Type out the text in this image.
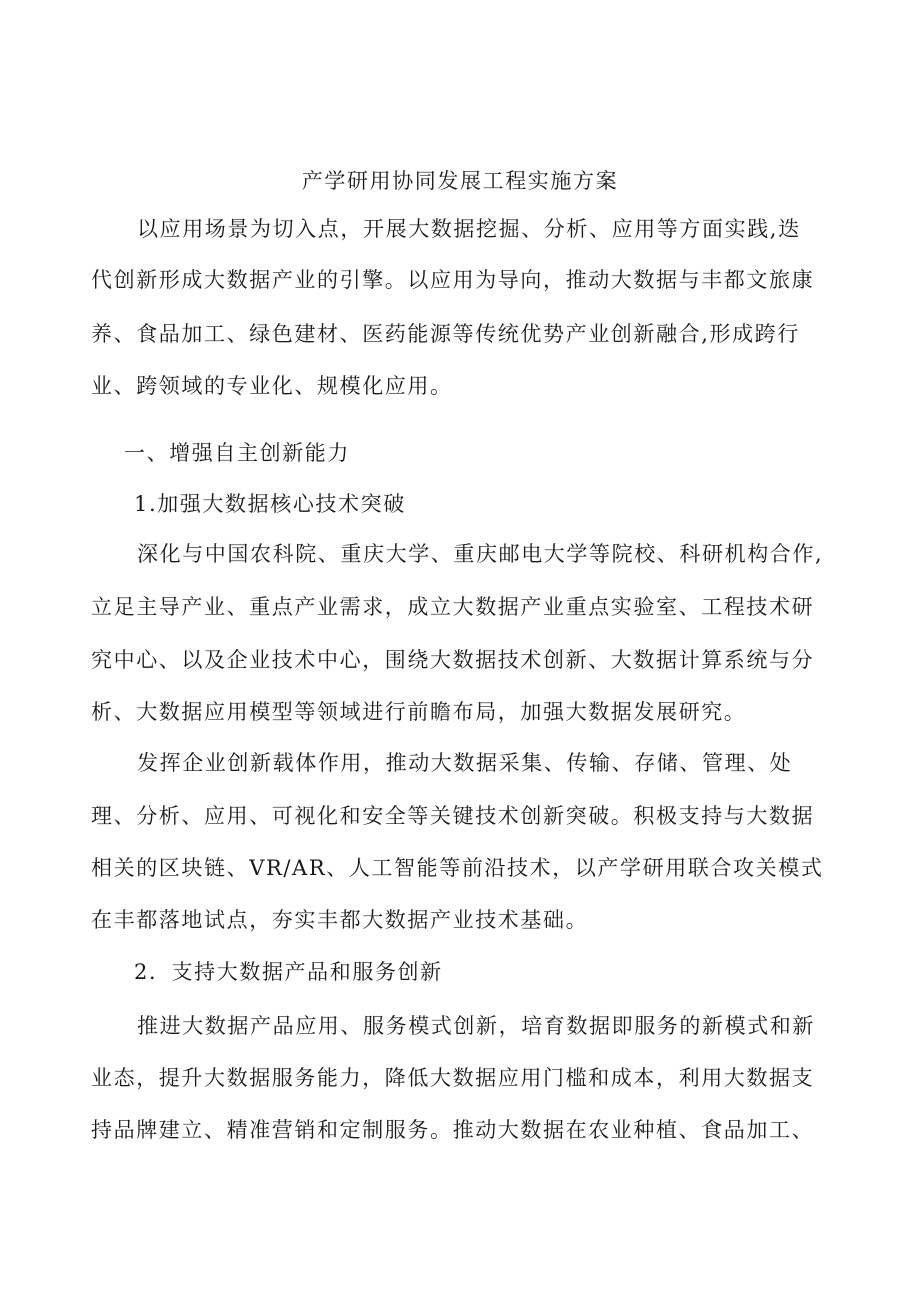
产学研用协同发展工程实施方案
以应用场景为切入点，开展大数据挖掘、分析、应用等方面实践,迭
代创新形成大数据产业的引擎。以应用为导向，推动大数据与丰都文旅康
养、食品加工、绿色建材、医药能源等传统优势产业创新融合,形成跨行
业、跨领域的专业化、规模化应用。
一、增强自主创新能力
1.加强大数据核心技术突破
深化与中国农科院、重庆大学、重庆邮电大学等院校、科研机构合作,
立足主导产业、重点产业需求，成立大数据产业重点实验室、工程技术研
究中心、以及企业技术中心，围绕大数据技术创新、大数据计算系统与分
析、大数据应用模型等领域进行前瞻布局，加强大数据发展研究。
发挥企业创新载体作用，推动大数据采集、传输、存储、管理、处
理、分析、应用、可视化和安全等关键技术创新突破。积极支持与大数据
相关的区块链、VR/AR、人工智能等前沿技术，以产学研用联合攻关模式
在丰都落地试点，夯实丰都大数据产业技术基础。
2．支持大数据产品和服务创新
推进大数据产品应用、服务模式创新，培育数据即服务的新模式和新
业态，提升大数据服务能力，降低大数据应用门槛和成本，利用大数据支
持品牌建立、精准营销和定制服务。推动大数据在农业种植、食品加工、
